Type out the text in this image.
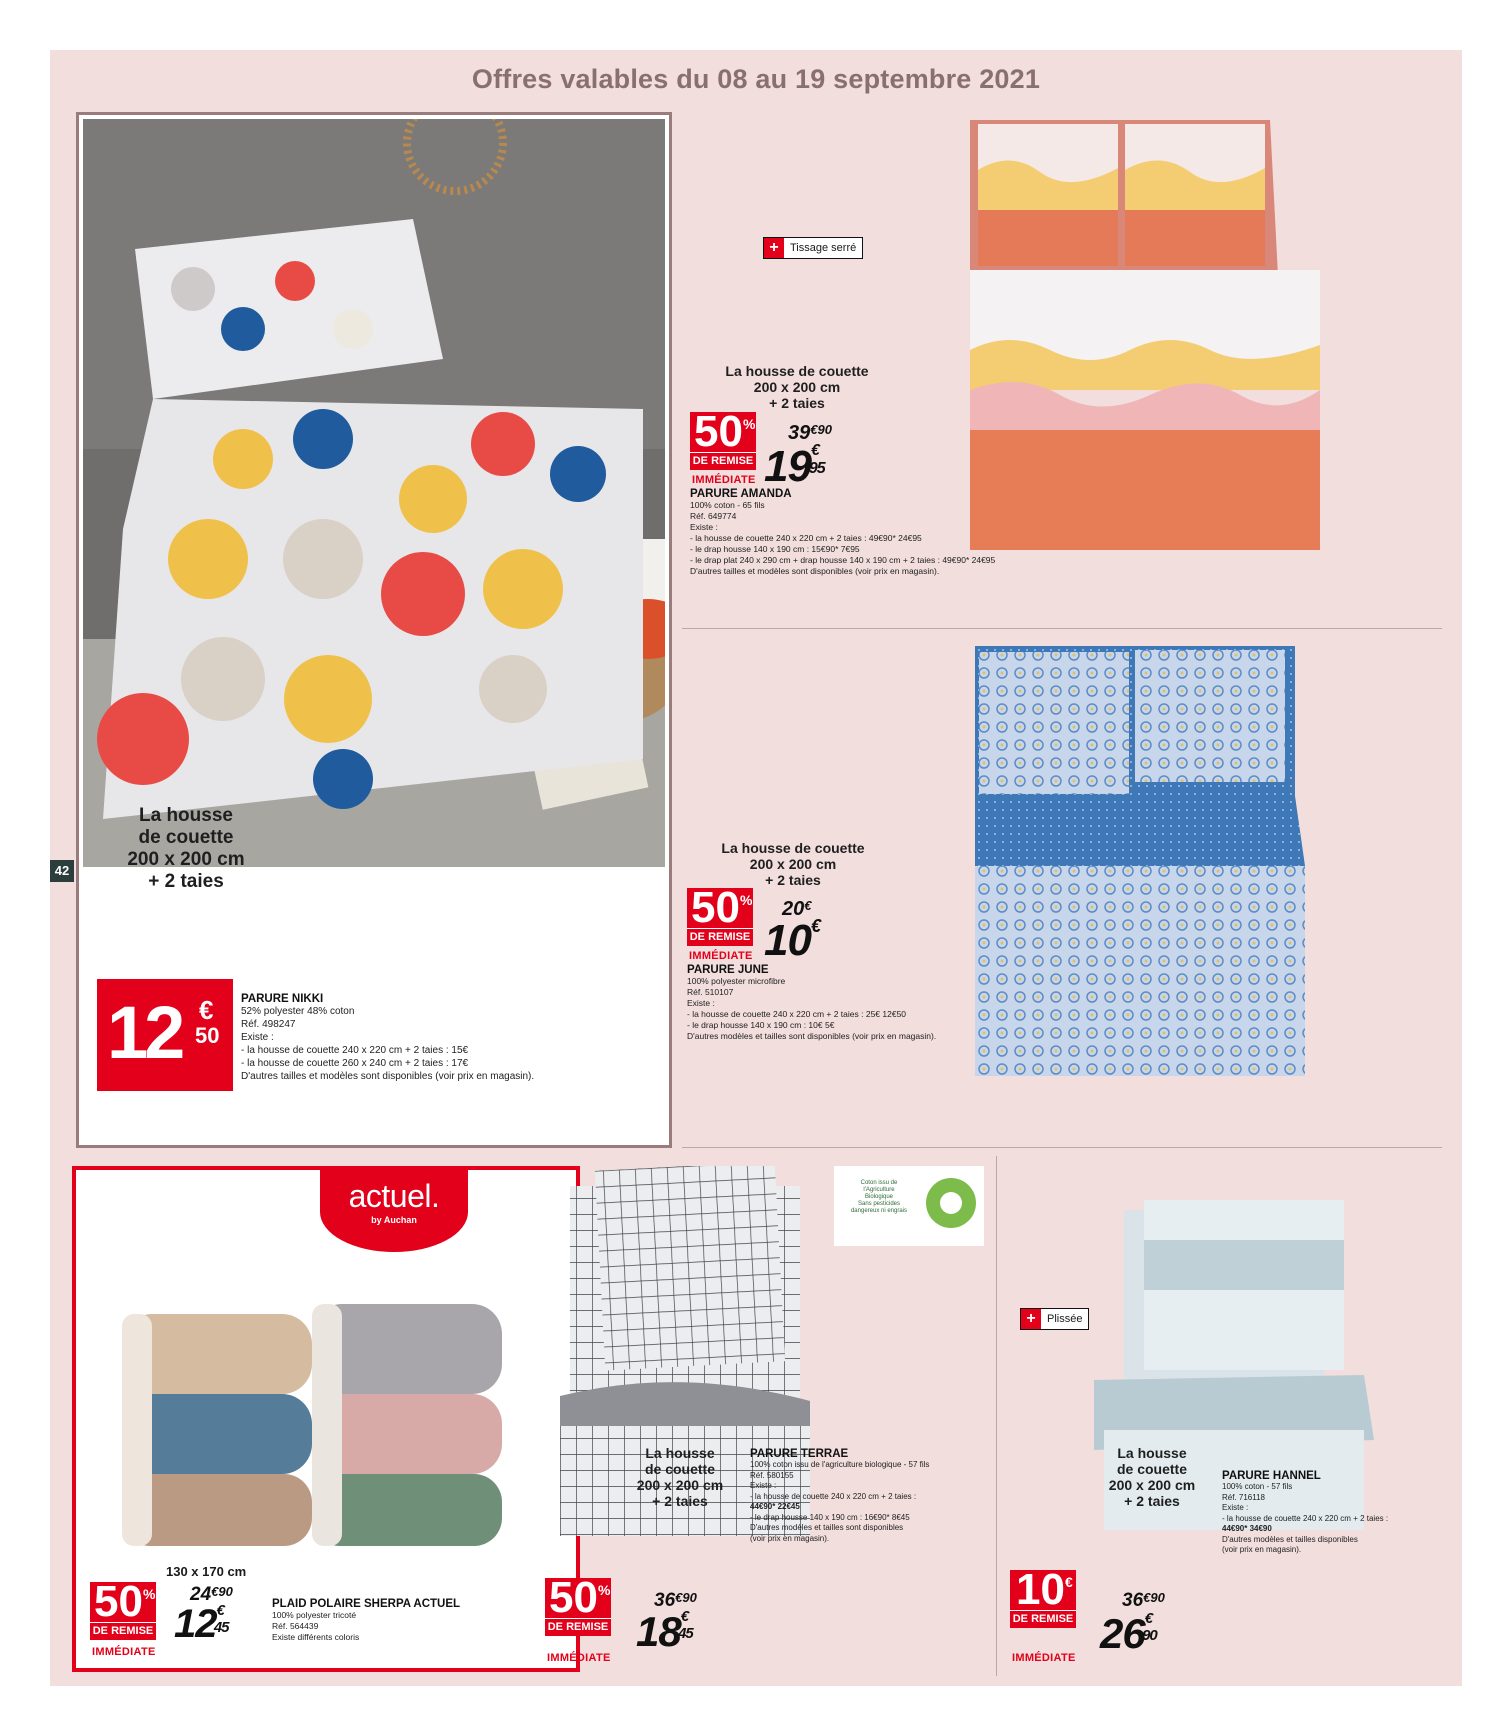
Offres valables du 08 au 19 septembre 2021
42
La housse
de couette
200 x 200 cm
+ 2 taies
12 €
50
PARURE NIKKI
52% polyester 48% coton
Réf. 498247
Existe :
- la housse de couette 240 x 220 cm + 2 taies : 15€
- la housse de couette 260 x 240 cm + 2 taies : 17€
D'autres tailles et modèles sont disponibles (voir prix en magasin).
+	Tissage serré
La housse de couette
200 x 200 cm
+ 2 taies
50%
DE REMISE
IMMÉDIATE
$39^{€90}$
19€95
PARURE AMANDA
100% coton - 65 fils
Réf. 649774
Existe :
- la housse de couette 240 x 220 cm + 2 taies : 49€90* 24€95
- le drap housse 140 x 190 cm : 15€90* 7€95
- le drap plat 240 x 290 cm + drap housse 140 x 190 cm + 2 taies : 49€90* 24€95
D'autres tailles et modèles sont disponibles (voir prix en magasin).
La housse de couette
200 x 200 cm
+ 2 taies
50%
DE REMISE
IMMÉDIATE
20€
10€
PARURE JUNE
100% polyester microfibre
Réf. 510107
Existe :
- la housse de couette 240 x 220 cm + 2 taies : 25€ 12€50
- le drap housse 140 x 190 cm : 10€ 5€
D'autres modèles et tailles sont disponibles (voir prix en magasin).
actuel.
by Auchan
130 x 170 cm
50%
DE REMISE
IMMÉDIATE
$24^{€90}$
12€45
PLAID POLAIRE SHERPA ACTUEL
100% polyester tricoté
Réf. 564439
Existe différents coloris
Coton issu de
l'Agriculture
Biologique
Sans pesticides
dangereux ni engrais
La housse
de couette
200 x 200 cm
+ 2 taies
50%
DE REMISE
IMMÉDIATE
$36^{€90}$
18€45
PARURE TERRAE
100% coton issu de l'agriculture biologique - 57 fils
Réf. 580155
Existe :
- la housse de couette 240 x 220 cm + 2 taies :
44€90* 22€45
- le drap housse 140 x 190 cm : 16€90* 8€45
D'autres modèles et tailles sont disponibles
(voir prix en magasin).
+	Plissée
La housse
de couette
200 x 200 cm
+ 2 taies
10€
DE REMISE
IMMÉDIATE
$36^{€90}$
26€90
PARURE HANNEL
100% coton - 57 fils
Réf. 716118
Existe :
- la housse de couette 240 x 220 cm + 2 taies :
44€90* 34€90
D'autres modèles et tailles disponibles
(voir prix en magasin).
